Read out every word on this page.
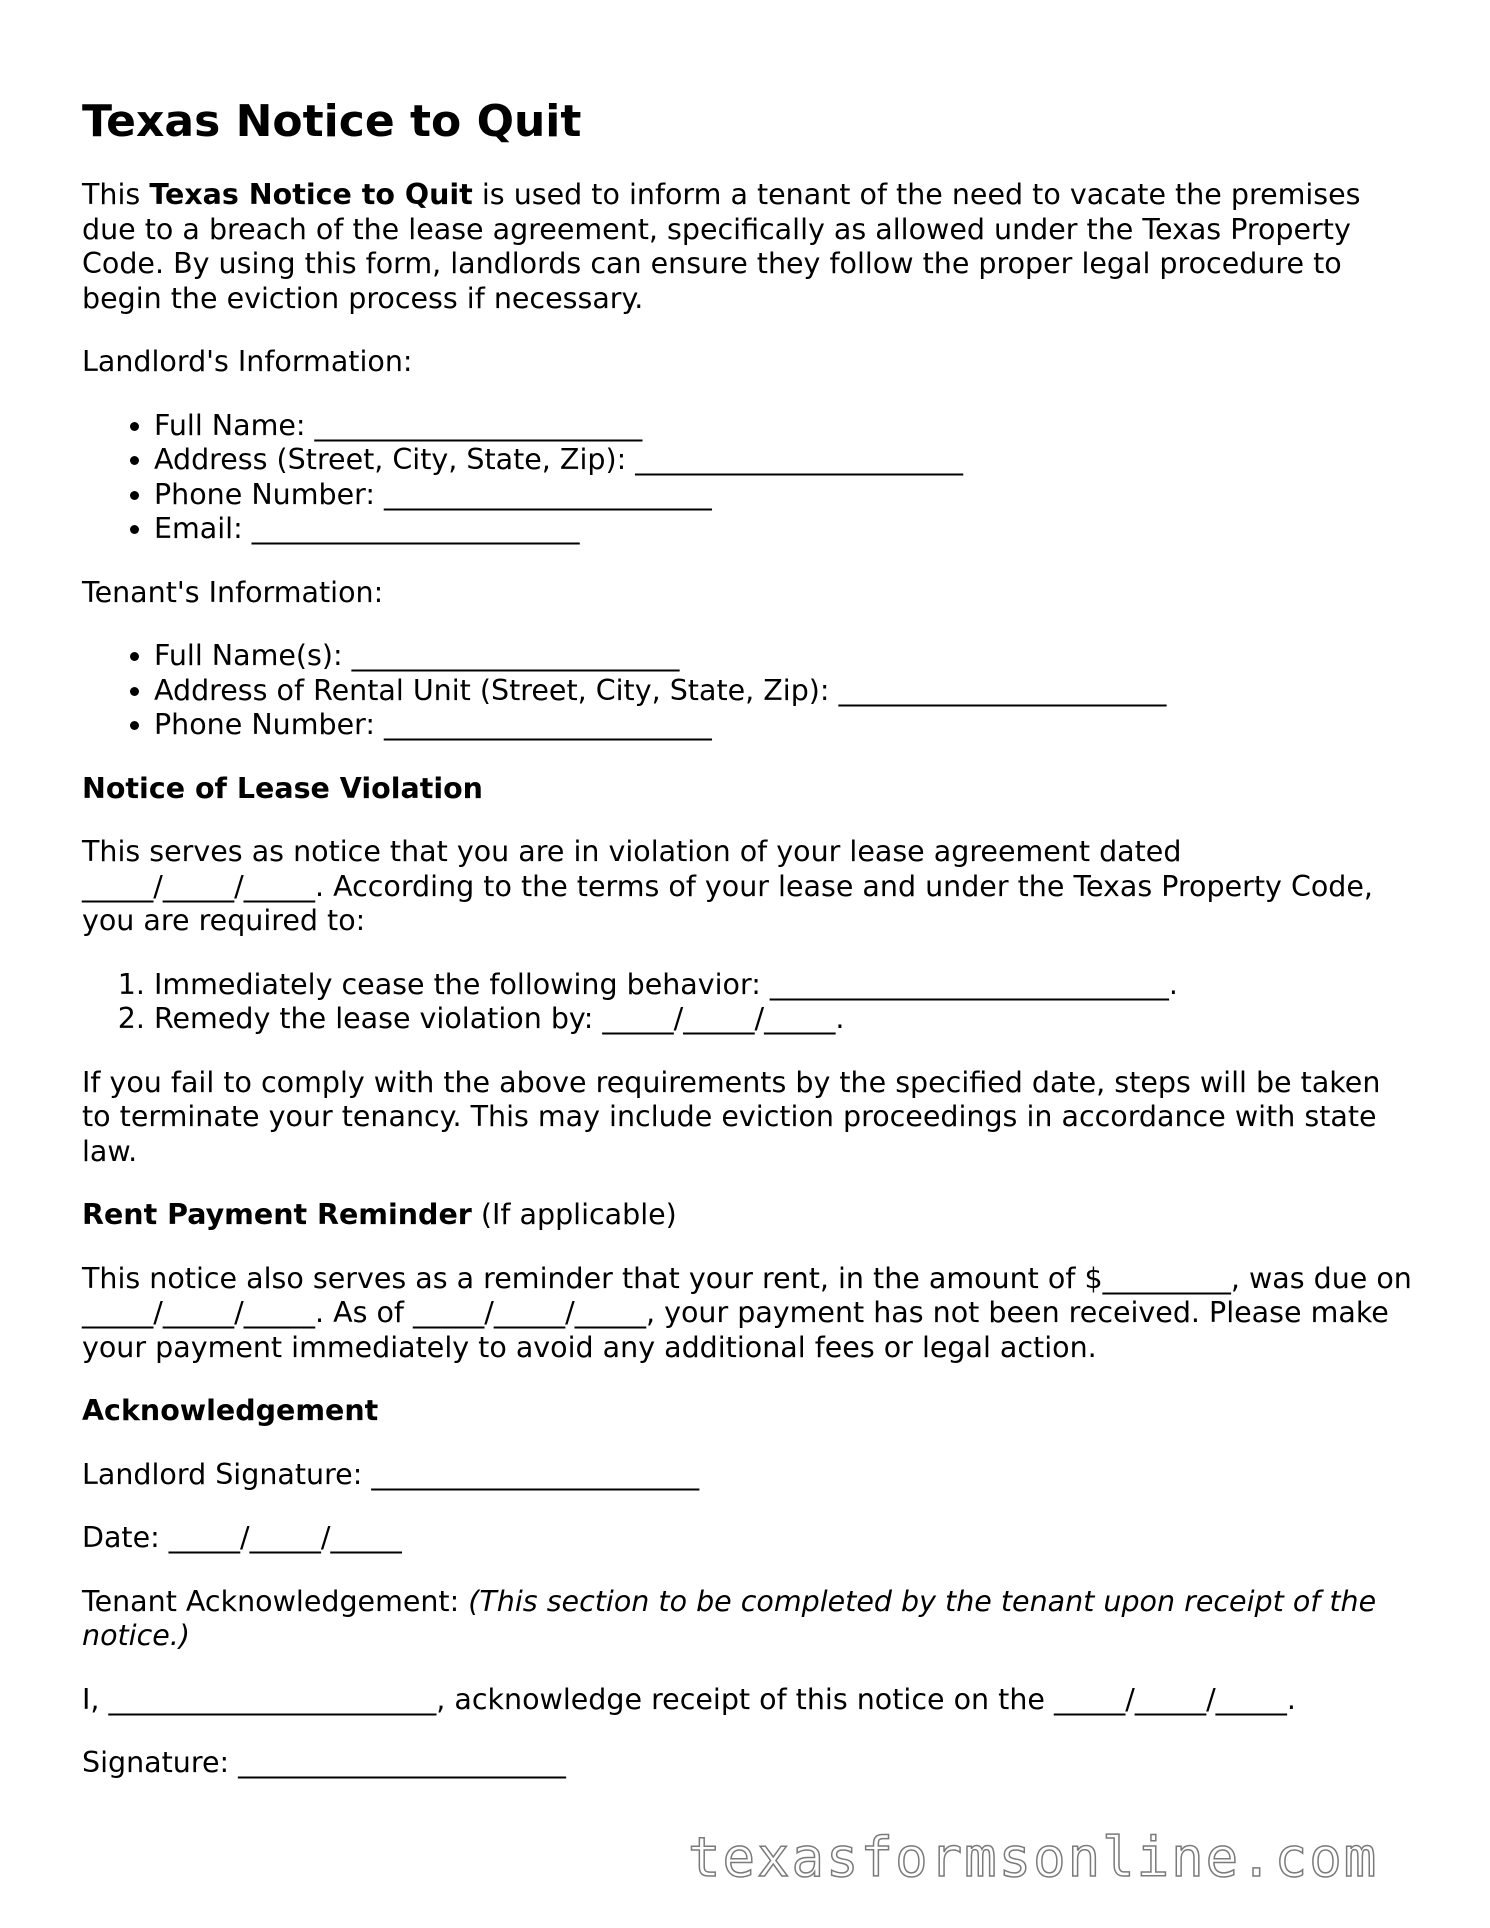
Texas Notice to Quit

This Texas Notice to Quit is used to inform a tenant of the need to vacate the premises due to a breach of the lease agreement, specifically as allowed under the Texas Property Code. By using this form, landlords can ensure they follow the proper legal procedure to begin the eviction process if necessary.

Landlord's Information:

• Full Name: _______________________
• Address (Street, City, State, Zip): _______________________
• Phone Number: _______________________
• Email: _______________________

Tenant's Information:

• Full Name(s): _______________________
• Address of Rental Unit (Street, City, State, Zip): _______________________
• Phone Number: _______________________

Notice of Lease Violation

This serves as notice that you are in violation of your lease agreement dated _____/_____/_____. According to the terms of your lease and under the Texas Property Code, you are required to:

1. Immediately cease the following behavior: ____________________________.
2. Remedy the lease violation by: _____/_____/_____.

If you fail to comply with the above requirements by the specified date, steps will be taken to terminate your tenancy. This may include eviction proceedings in accordance with state law.

Rent Payment Reminder (If applicable)

This notice also serves as a reminder that your rent, in the amount of $_________, was due on _____/_____/_____. As of _____/_____/_____, your payment has not been received. Please make your payment immediately to avoid any additional fees or legal action.

Acknowledgement

Landlord Signature: _______________________

Date: _____/_____/_____

Tenant Acknowledgement: (This section to be completed by the tenant upon receipt of the notice.)

I, _______________________, acknowledge receipt of this notice on the _____/_____/_____.

Signature: _______________________

texasformsonline.com
